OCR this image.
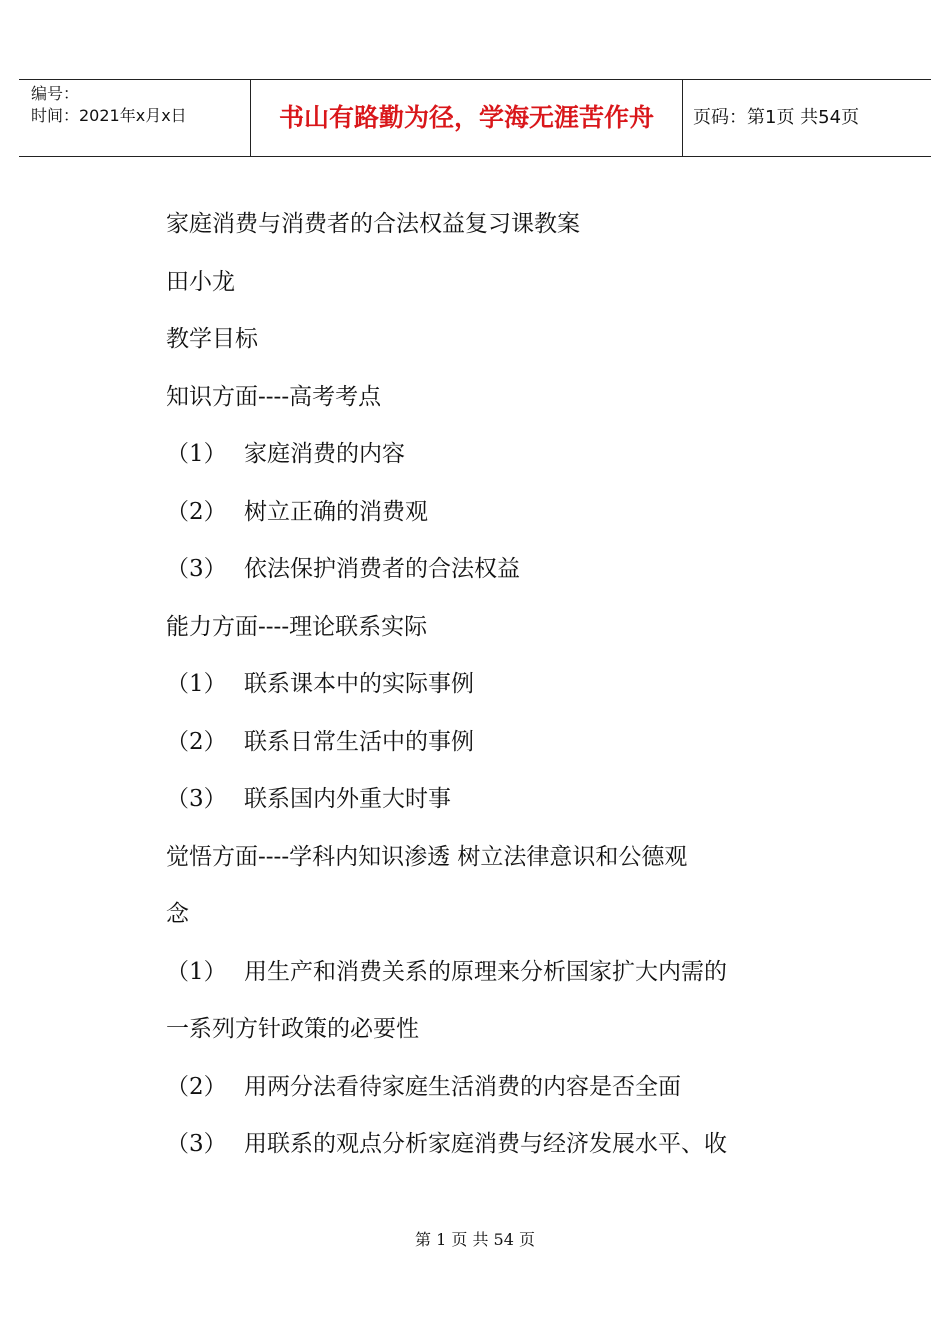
编号：
时间：2021年x月x日	书山有路勤为径，学海无涯苦作舟	页码：第1页 共54页
家庭消费与消费者的合法权益复习课教案
田小龙
教学目标
知识方面----高考考点
（1） 家庭消费的内容
（2） 树立正确的消费观
（3） 依法保护消费者的合法权益
能力方面----理论联系实际
（1） 联系课本中的实际事例
（2） 联系日常生活中的事例
（3） 联系国内外重大时事
觉悟方面----学科内知识渗透 树立法律意识和公德观
念
（1） 用生产和消费关系的原理来分析国家扩大内需的
一系列方针政策的必要性
（2） 用两分法看待家庭生活消费的内容是否全面
（3） 用联系的观点分析家庭消费与经济发展水平、收
第 1 页 共 54 页
